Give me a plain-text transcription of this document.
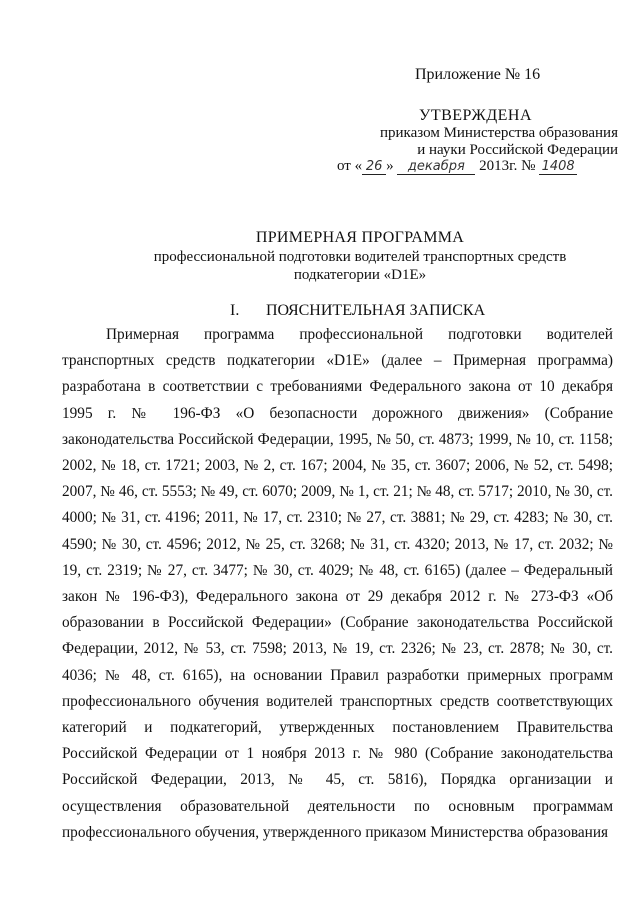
Приложение № 16
УТВЕРЖДЕНА
приказом Министерства образования
и науки Российской Федерации
от « 26 » декабря 2013г. № 1408
ПРИМЕРНАЯ ПРОГРАММА
профессиональной подготовки водителей транспортных средств
подкатегории «D1E»
I. ПОЯСНИТЕЛЬНАЯ ЗАПИСКА

Примерная программа профессиональной подготовки водителей транспортных средств подкатегории «D1E» (далее – Примерная программа) разработана в соответствии с требованиями Федерального закона от 10 декабря 1995 г. № 196-ФЗ «О безопасности дорожного движения» (Собрание законодательства Российской Федерации, 1995, № 50, ст. 4873; 1999, № 10, ст. 1158; 2002, № 18, ст. 1721; 2003, № 2, ст. 167; 2004, № 35, ст. 3607; 2006, № 52, ст. 5498; 2007, № 46, ст. 5553; № 49, ст. 6070; 2009, № 1, ст. 21; № 48, ст. 5717; 2010, № 30, ст. 4000; № 31, ст. 4196; 2011, № 17, ст. 2310; № 27, ст. 3881; № 29, ст. 4283; № 30, ст. 4590; № 30, ст. 4596; 2012, № 25, ст. 3268; № 31, ст. 4320; 2013, № 17, ст. 2032; № 19, ст. 2319; № 27, ст. 3477; № 30, ст. 4029; № 48, ст. 6165) (далее – Федеральный закон № 196-ФЗ), Федерального закона от 29 декабря 2012 г. № 273-ФЗ «Об образовании в Российской Федерации» (Собрание законодательства Российской Федерации, 2012, № 53, ст. 7598; 2013, № 19, ст. 2326; № 23, ст. 2878; № 30, ст. 4036; № 48, ст. 6165), на основании Правил разработки примерных программ профессионального обучения водителей транспортных средств соответствующих категорий и подкатегорий, утвержденных постановлением Правительства Российской Федерации от 1 ноября 2013 г. № 980 (Собрание законодательства Российской Федерации, 2013, № 45, ст. 5816), Порядка организации и осуществления образовательной деятельности по основным программам профессионального обучения, утвержденного приказом Министерства образования
